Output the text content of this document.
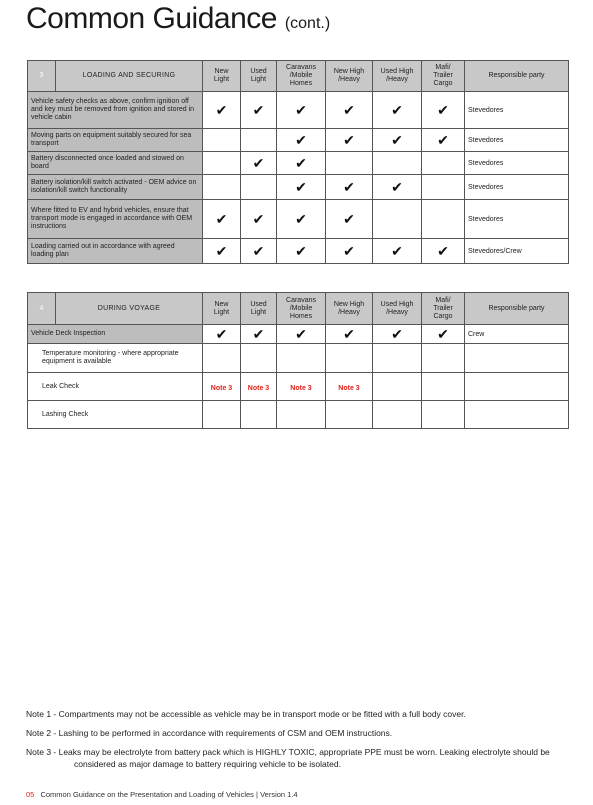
Common Guidance (cont.)
3	LOADING AND SECURING	New Light	Used Light	Caravans /Mobile Homes	New High /Heavy	Used High /Heavy	Mafi/ Trailer Cargo	Responsible party
Vehicle safety checks as above, confirm ignition off and key must be removed from ignition and stored in vehicle cabin		✔	✔	✔	✔	✔	✔	Stevedores
Moving parts on equipment suitably secured for sea transport				✔	✔	✔	✔	Stevedores
Battery disconnected once loaded and stowed on board			✔	✔				Stevedores
Battery isolation/kill switch activated - OEM advice on isolation/kill switch functionality				✔	✔	✔		Stevedores
Where fitted to EV and hybrid vehicles, ensure that transport mode is engaged in accordance with OEM instructions		✔	✔	✔	✔			Stevedores
Loading carried out in accordance with agreed loading plan		✔	✔	✔	✔	✔	✔	Stevedores/Crew
4	DURING VOYAGE	New Light	Used Light	Caravans /Mobile Homes	New High /Heavy	Used High /Heavy	Mafi/ Trailer Cargo	Responsible party
Vehicle Deck Inspection		✔	✔	✔	✔	✔	✔	Crew
Temperature monitoring - where appropriate equipment is available								
Leak Check		Note 3	Note 3	Note 3	Note 3			
Lashing Check								

Note 1 - Compartments may not be accessible as vehicle may be in transport mode or be fitted with a full body cover.

Note 2 - Lashing to be performed in accordance with requirements of CSM and OEM instructions.

Note 3 - Leaks may be electrolyte from battery pack which is HIGHLY TOXIC, appropriate PPE must be worn. Leaking electrolyte should be considered as major damage to battery requiring vehicle to be isolated.

05 Common Guidance on the Presentation and Loading of Vehicles | Version 1.4
